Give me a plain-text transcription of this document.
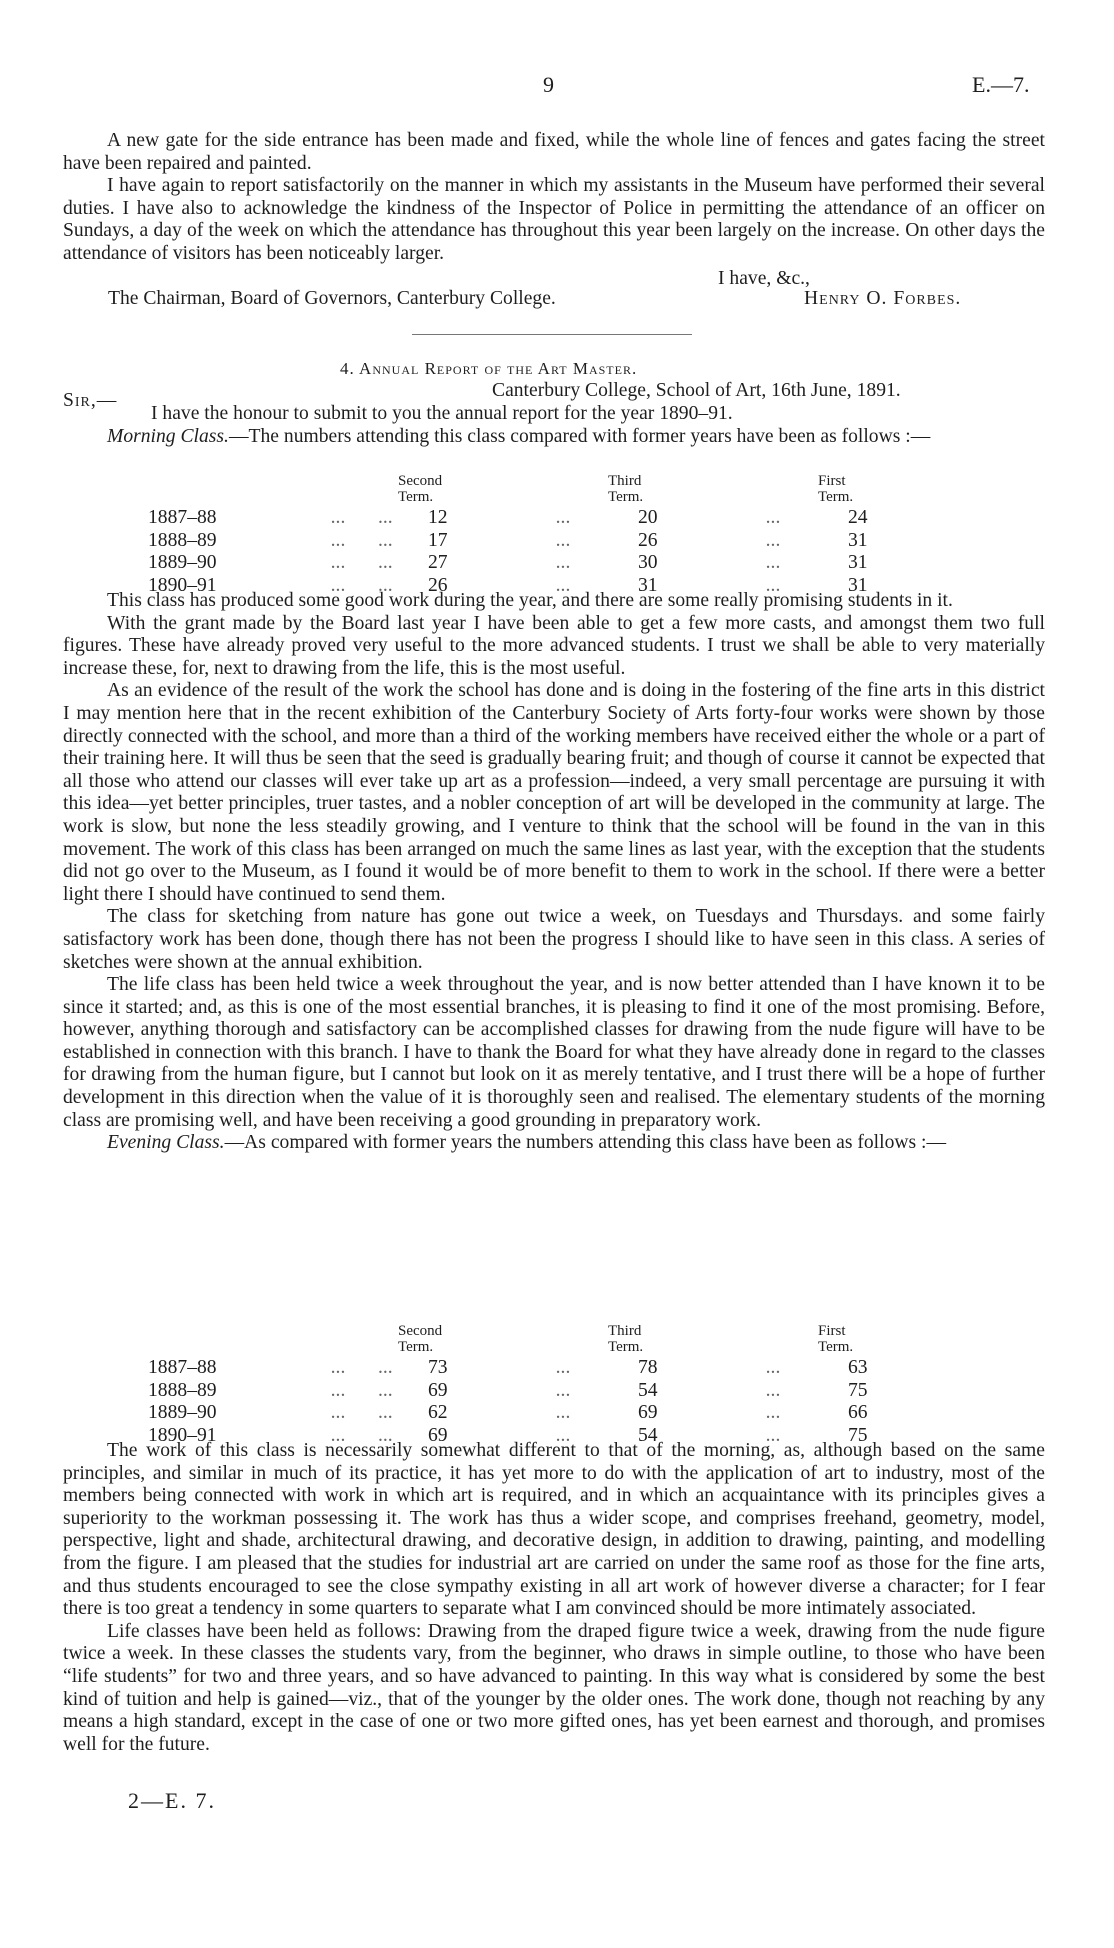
9	E.—7.

A new gate for the side entrance has been made and fixed, while the whole line of fences and gates facing the street have been repaired and painted.

I have again to report satisfactorily on the manner in which my assistants in the Museum have performed their several duties. I have also to acknowledge the kindness of the Inspector of Police in permitting the attendance of an officer on Sundays, a day of the week on which the attendance has throughout this year been largely on the increase. On other days the attendance of visitors has been noticeably larger.

I have, &c.,
The Chairman, Board of Governors, Canterbury College.	Henry O. Forbes.
4. Annual Report of the Art Master.
Sir,—	Canterbury College, School of Art, 16th June, 1891.

I have the honour to submit to you the annual report for the year 1890–91.

Morning Class.—The numbers attending this class compared with former years have been as follows :—

			Second Term.		Third Term.		First Term.
1887–88	...	...	12	...	20	...	24
1888–89	...	...	17	...	26	...	31
1889–90	...	...	27	...	30	...	31
1890–91	...	...	26	...	31	...	31

This class has produced some good work during the year, and there are some really promising students in it.

With the grant made by the Board last year I have been able to get a few more casts, and amongst them two full figures. These have already proved very useful to the more advanced students. I trust we shall be able to very materially increase these, for, next to drawing from the life, this is the most useful.

As an evidence of the result of the work the school has done and is doing in the fostering of the fine arts in this district I may mention here that in the recent exhibition of the Canterbury Society of Arts forty-four works were shown by those directly connected with the school, and more than a third of the working members have received either the whole or a part of their training here. It will thus be seen that the seed is gradually bearing fruit; and though of course it cannot be expected that all those who attend our classes will ever take up art as a profession—indeed, a very small percentage are pursuing it with this idea—yet better principles, truer tastes, and a nobler conception of art will be developed in the community at large. The work is slow, but none the less steadily growing, and I venture to think that the school will be found in the van in this movement. The work of this class has been arranged on much the same lines as last year, with the exception that the students did not go over to the Museum, as I found it would be of more benefit to them to work in the school. If there were a better light there I should have continued to send them.

The class for sketching from nature has gone out twice a week, on Tuesdays and Thursdays. and some fairly satisfactory work has been done, though there has not been the progress I should like to have seen in this class. A series of sketches were shown at the annual exhibition.

The life class has been held twice a week throughout the year, and is now better attended than I have known it to be since it started; and, as this is one of the most essential branches, it is pleasing to find it one of the most promising. Before, however, anything thorough and satisfactory can be accomplished classes for drawing from the nude figure will have to be established in connection with this branch. I have to thank the Board for what they have already done in regard to the classes for drawing from the human figure, but I cannot but look on it as merely tentative, and I trust there will be a hope of further development in this direction when the value of it is thoroughly seen and realised. The elementary students of the morning class are promising well, and have been receiving a good grounding in preparatory work.

Evening Class.—As compared with former years the numbers attending this class have been as follows :—

			Second Term.		Third Term.		First Term.
1887–88	...	...	73	...	78	...	63
1888–89	...	...	69	...	54	...	75
1889–90	...	...	62	...	69	...	66
1890–91	...	...	69	...	54	...	75

The work of this class is necessarily somewhat different to that of the morning, as, although based on the same principles, and similar in much of its practice, it has yet more to do with the application of art to industry, most of the members being connected with work in which art is required, and in which an acquaintance with its principles gives a superiority to the workman possessing it. The work has thus a wider scope, and comprises freehand, geometry, model, perspective, light and shade, architectural drawing, and decorative design, in addition to drawing, painting, and modelling from the figure. I am pleased that the studies for industrial art are carried on under the same roof as those for the fine arts, and thus students encouraged to see the close sympathy existing in all art work of however diverse a character; for I fear there is too great a tendency in some quarters to separate what I am convinced should be more intimately associated.

Life classes have been held as follows: Drawing from the draped figure twice a week, drawing from the nude figure twice a week. In these classes the students vary, from the beginner, who draws in simple outline, to those who have been “life students” for two and three years, and so have advanced to painting. In this way what is considered by some the best kind of tuition and help is gained—viz., that of the younger by the older ones. The work done, though not reaching by any means a high standard, except in the case of one or two more gifted ones, has yet been earnest and thorough, and promises well for the future.

2—E. 7.
